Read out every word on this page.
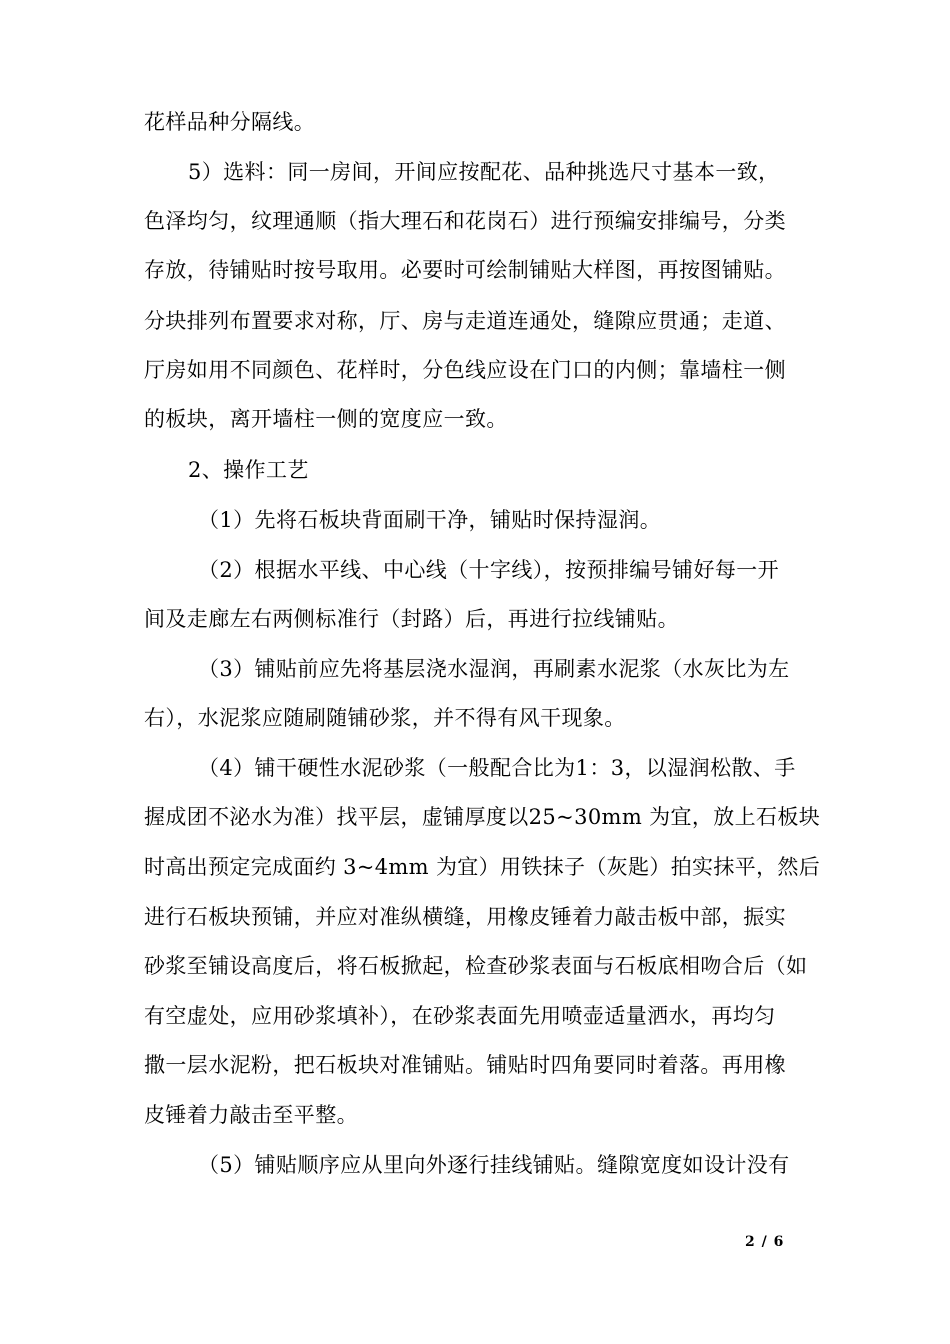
花样品种分隔线。
5）选料：同一房间，开间应按配花、品种挑选尺寸基本一致，
色泽均匀，纹理通顺（指大理石和花岗石）进行预编安排编号，分类
存放，待铺贴时按号取用。必要时可绘制铺贴大样图，再按图铺贴。
分块排列布置要求对称，厅、房与走道连通处，缝隙应贯通；走道、
厅房如用不同颜色、花样时，分色线应设在门口的内侧；靠墙柱一侧
的板块，离开墙柱一侧的宽度应一致。
2、操作工艺
（1）先将石板块背面刷干净，铺贴时保持湿润。
（2）根据水平线、中心线（十字线），按预排编号铺好每一开
间及走廊左右两侧标准行（封路）后，再进行拉线铺贴。
（3）铺贴前应先将基层浇水湿润，再刷素水泥浆（水灰比为左
右），水泥浆应随刷随铺砂浆，并不得有风干现象。
（4）铺干硬性水泥砂浆（一般配合比为1：3，以湿润松散、手
握成团不泌水为准）找平层，虚铺厚度以25~30mm 为宜，放上石板块
时高出预定完成面约 3~4mm 为宜）用铁抹子（灰匙）拍实抹平，然后
进行石板块预铺，并应对准纵横缝，用橡皮锤着力敲击板中部，振实
砂浆至铺设高度后，将石板掀起，检查砂浆表面与石板底相吻合后（如
有空虚处，应用砂浆填补），在砂浆表面先用喷壶适量洒水，再均匀
撒一层水泥粉，把石板块对准铺贴。铺贴时四角要同时着落。再用橡
皮锤着力敲击至平整。
（5）铺贴顺序应从里向外逐行挂线铺贴。缝隙宽度如设计没有
2 / 6
